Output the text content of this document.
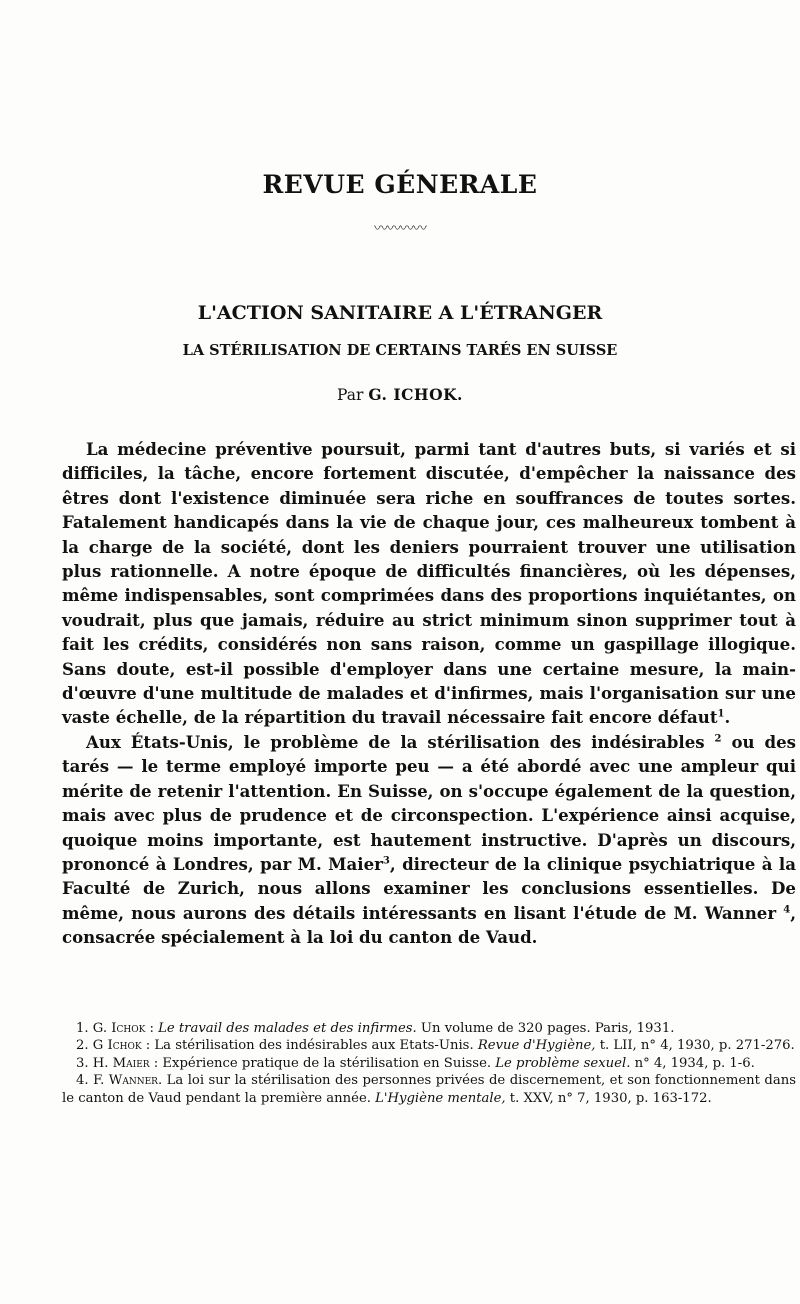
REVUE GÉNERALE
〰〰〰〰
L'ACTION SANITAIRE A L'ÉTRANGER
LA STÉRILISATION DE CERTAINS TARÉS EN SUISSE
Par G. ICHOK.

La médecine préventive poursuit, parmi tant d'autres buts, si variés et si difficiles, la tâche, encore fortement discutée, d'empêcher la naissance des êtres dont l'existence diminuée sera riche en souffrances de toutes sortes. Fatalement handicapés dans la vie de chaque jour, ces malheureux tombent à la charge de la société, dont les deniers pourraient trouver une utilisation plus rationnelle. A notre époque de difficultés financières, où les dépenses, même indispensables, sont comprimées dans des proportions inquiétantes, on voudrait, plus que jamais, réduire au strict minimum sinon supprimer tout à fait les crédits, considérés non sans raison, comme un gaspillage illogique. Sans doute, est-il possible d'employer dans une certaine mesure, la main-d'œuvre d'une multitude de malades et d'infirmes, mais l'organisation sur une vaste échelle, de la répartition du travail nécessaire fait encore défaut$^1$.

Aux États-Unis, le problème de la stérilisation des indésirables $^2$ ou des tarés — le terme employé importe peu — a été abordé avec une ampleur qui mérite de retenir l'attention. En Suisse, on s'occupe également de la question, mais avec plus de prudence et de circonspection. L'expérience ainsi acquise, quoique moins importante, est hautement instructive. D'après un discours, prononcé à Londres, par M. Maier$^3$, directeur de la clinique psychiatrique à la Faculté de Zurich, nous allons examiner les conclusions essentielles. De même, nous aurons des détails intéressants en lisant l'étude de M. Wanner $^4$, consacrée spécialement à la loi du canton de Vaud.

1. G. Ichok : Le travail des malades et des infirmes. Un volume de 320 pages. Paris, 1931.

2. G Ichok : La stérilisation des indésirables aux Etats-Unis. Revue d'Hygiène, t. LII, n° 4, 1930, p. 271-276.

3. H. Maier : Expérience pratique de la stérilisation en Suisse. Le problème sexuel. n° 4, 1934, p. 1-6.

4. F. Wanner. La loi sur la stérilisation des personnes privées de discernement, et son fonctionnement dans le canton de Vaud pendant la première année. L'Hygiène mentale, t. XXV, n° 7, 1930, p. 163-172.
